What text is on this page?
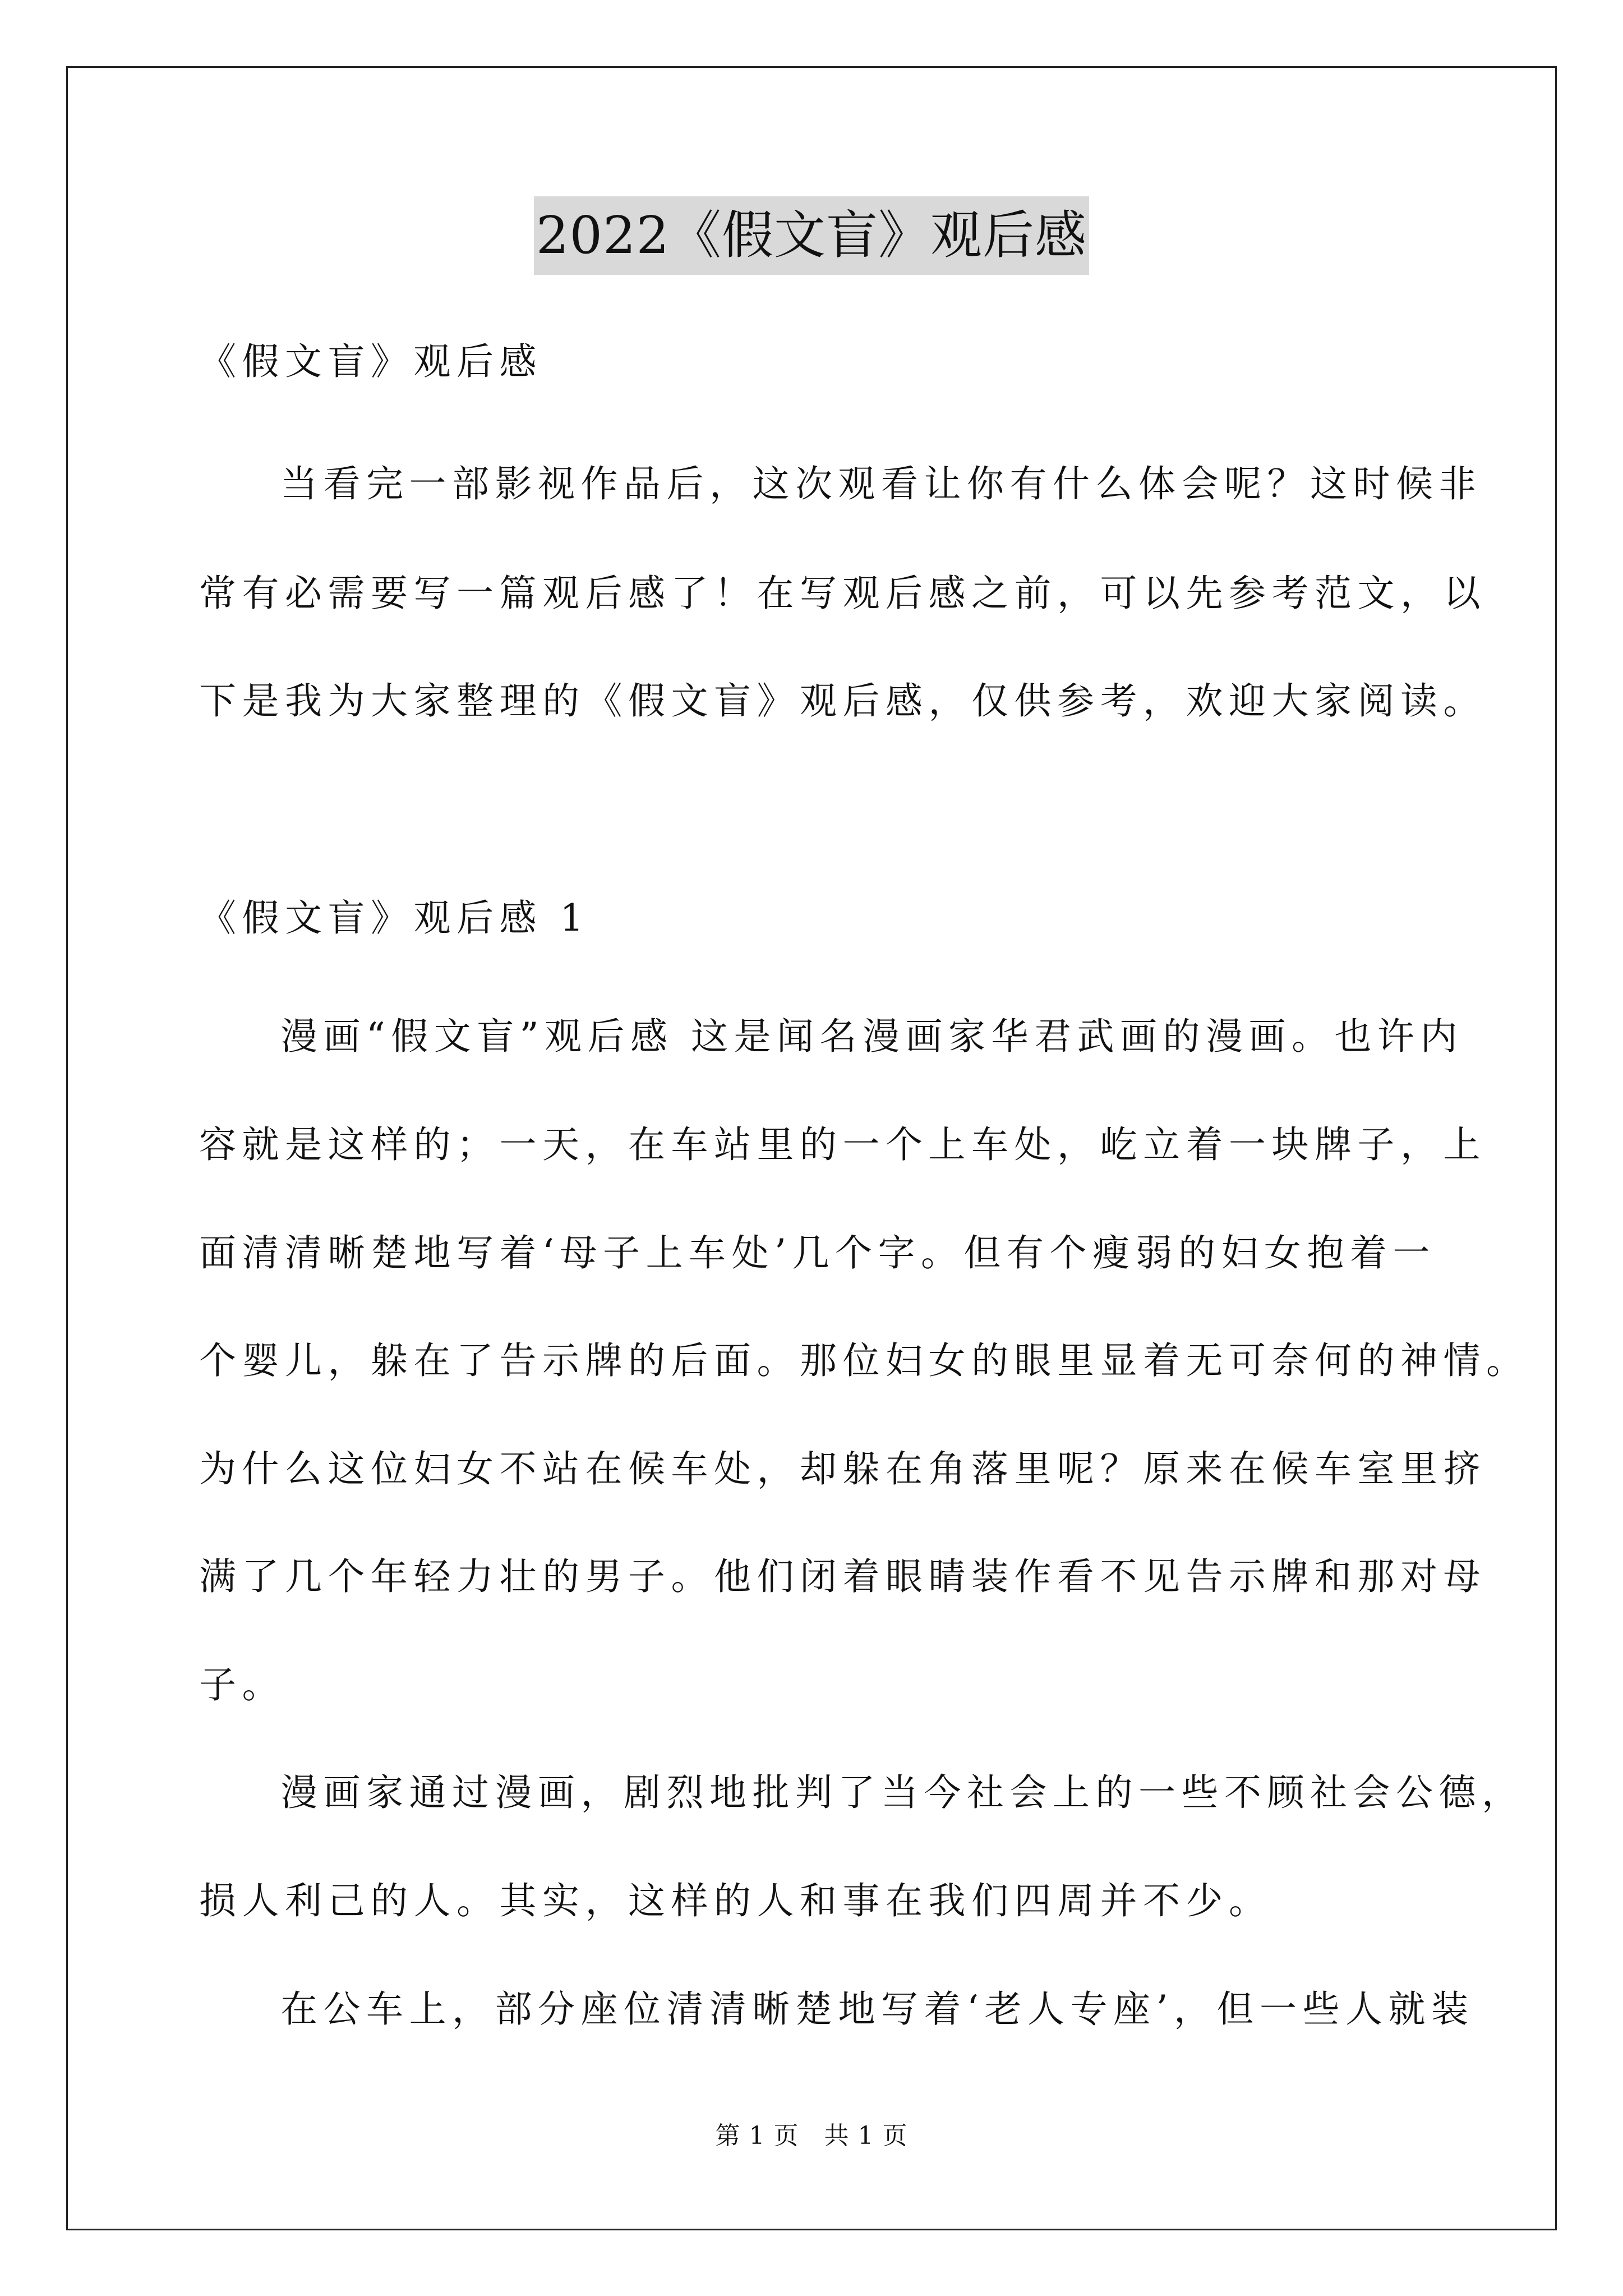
2022《假文盲》观后感
《假文盲》观后感
当看完一部影视作品后，这次观看让你有什么体会呢？这时候非
常有必需要写一篇观后感了！在写观后感之前，可以先参考范文，以
下是我为大家整理的《假文盲》观后感，仅供参考，欢迎大家阅读。
《假文盲》观后感 1
漫画“假文盲”观后感 这是闻名漫画家华君武画的漫画。也许内
容就是这样的；一天，在车站里的一个上车处，屹立着一块牌子，上
面清清晰楚地写着‘母子上车处’几个字。但有个瘦弱的妇女抱着一
个婴儿，躲在了告示牌的后面。那位妇女的眼里显着无可奈何的神情。
为什么这位妇女不站在候车处，却躲在角落里呢？原来在候车室里挤
满了几个年轻力壮的男子。他们闭着眼睛装作看不见告示牌和那对母
子。
漫画家通过漫画，剧烈地批判了当今社会上的一些不顾社会公德，
损人利己的人。其实，这样的人和事在我们四周并不少。
在公车上，部分座位清清晰楚地写着‘老人专座’，但一些人就装
第 1 页　共 1 页
